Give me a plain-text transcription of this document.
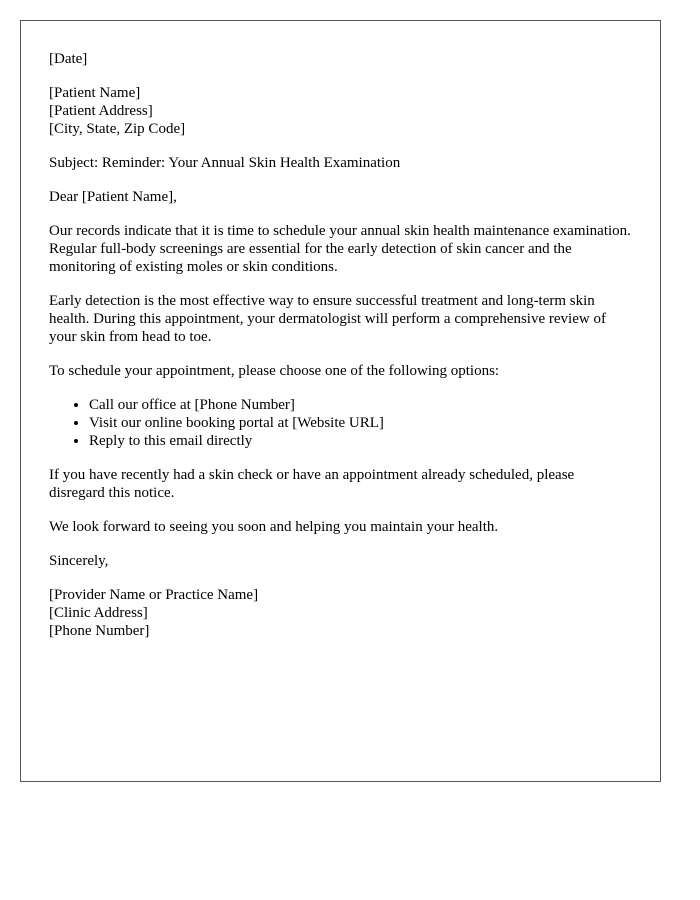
[Date]

[Patient Name]
[Patient Address]
[City, State, Zip Code]

Subject: Reminder: Your Annual Skin Health Examination

Dear [Patient Name],

Our records indicate that it is time to schedule your annual skin health maintenance examination. Regular full-body screenings are essential for the early detection of skin cancer and the monitoring of existing moles or skin conditions.

Early detection is the most effective way to ensure successful treatment and long-term skin health. During this appointment, your dermatologist will perform a comprehensive review of your skin from head to toe.

To schedule your appointment, please choose one of the following options:

• Call our office at [Phone Number]
• Visit our online booking portal at [Website URL]
• Reply to this email directly

If you have recently had a skin check or have an appointment already scheduled, please disregard this notice.

We look forward to seeing you soon and helping you maintain your health.

Sincerely,

[Provider Name or Practice Name]
[Clinic Address]
[Phone Number]
